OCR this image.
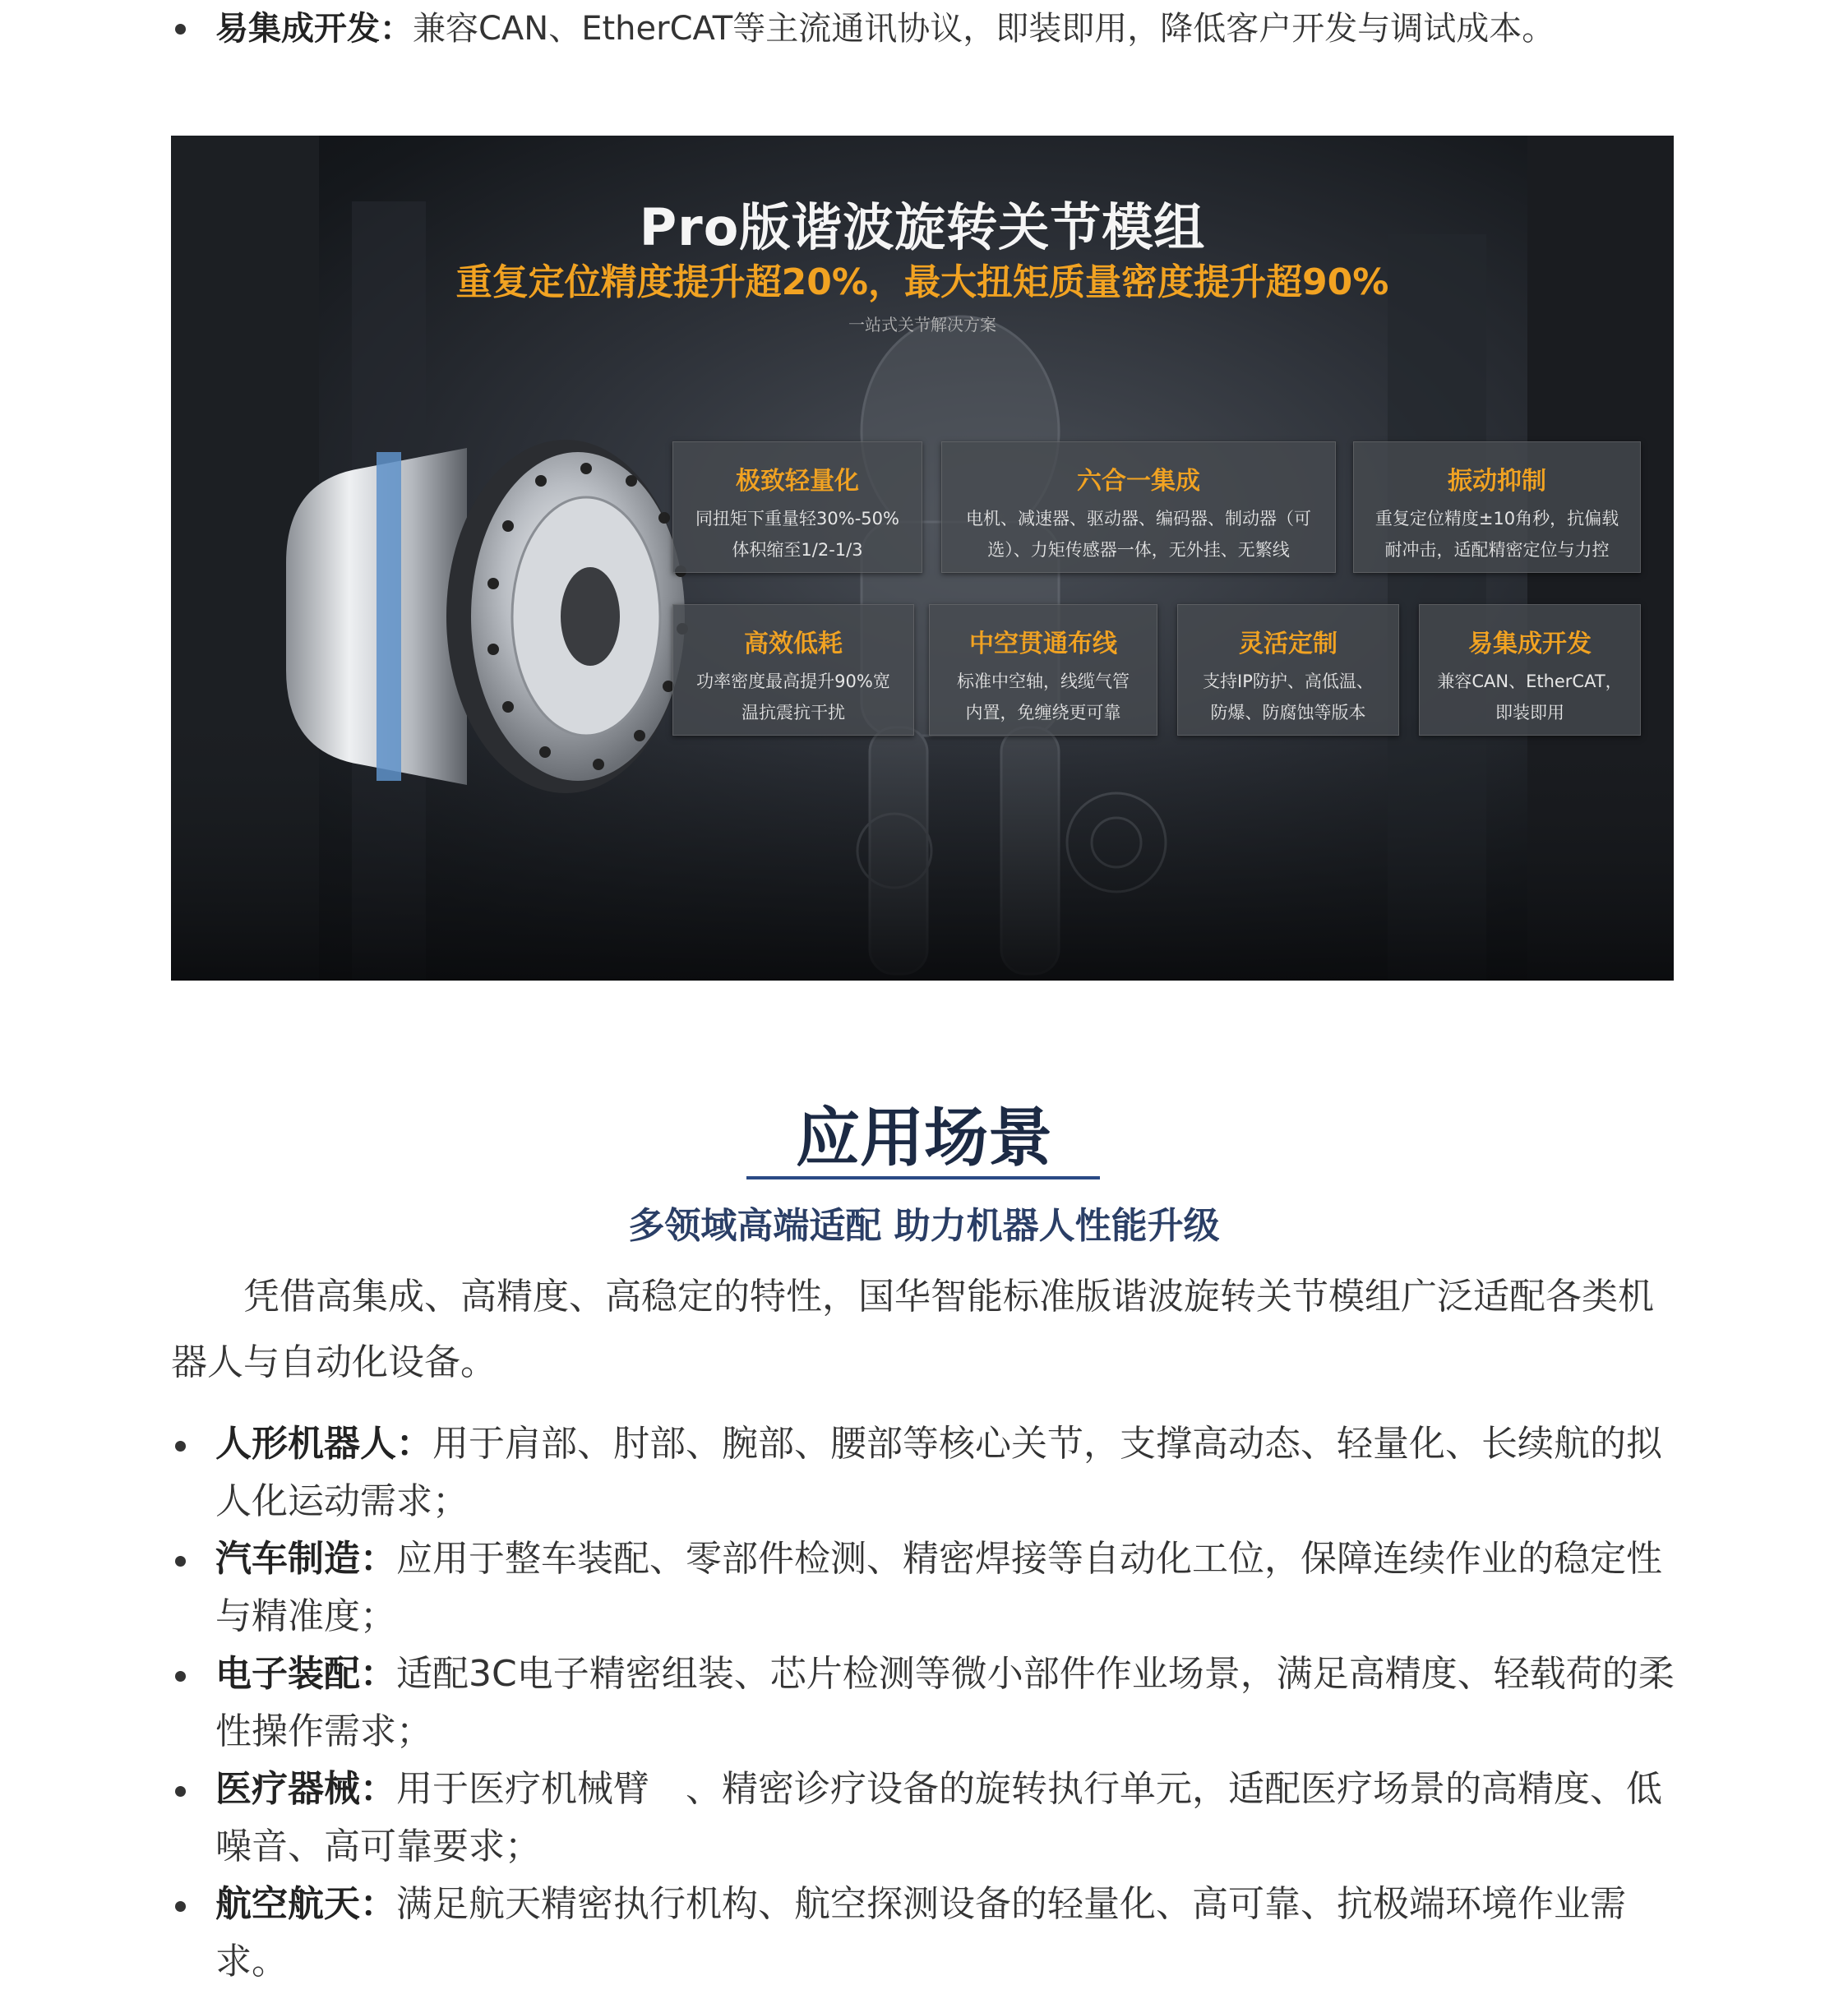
易集成开发：兼容CAN、EtherCAT等主流通讯协议，即装即用，降低客户开发与调试成本。
Pro版谐波旋转关节模组
重复定位精度提升超20%，最大扭矩质量密度提升超90%
一站式关节解决方案
极致轻量化
同扭矩下重量轻30%-50%
体积缩至1/2-1/3
六合一集成
电机、减速器、驱动器、编码器、制动器（可
选）、力矩传感器一体，无外挂、无繁线
振动抑制
重复定位精度±10角秒，抗偏载
耐冲击，适配精密定位与力控
高效低耗
功率密度最高提升90%宽
温抗震抗干扰
中空贯通布线
标准中空轴，线缆气管
内置，免缠绕更可靠
灵活定制
支持IP防护、高低温、
防爆、防腐蚀等版本
易集成开发
兼容CAN、EtherCAT，
即装即用
应用场景
多领域高端适配 助力机器人性能升级

凭借高集成、高精度、高稳定的特性，国华智能标准版谐波旋转关节模组广泛适配各类机器人与自动化设备。

人形机器人：用于肩部、肘部、腕部、腰部等核心关节，支撑高动态、轻量化、长续航的拟人化运动需求；
汽车制造：应用于整车装配、零部件检测、精密焊接等自动化工位，保障连续作业的稳定性与精准度；
电子装配：适配3C电子精密组装、芯片检测等微小部件作业场景，满足高精度、轻载荷的柔性操作需求；
医疗器械：用于医疗机械臂　、精密诊疗设备的旋转执行单元，适配医疗场景的高精度、低噪音、高可靠要求；
航空航天：满足航天精密执行机构、航空探测设备的轻量化、高可靠、抗极端环境作业需求。
